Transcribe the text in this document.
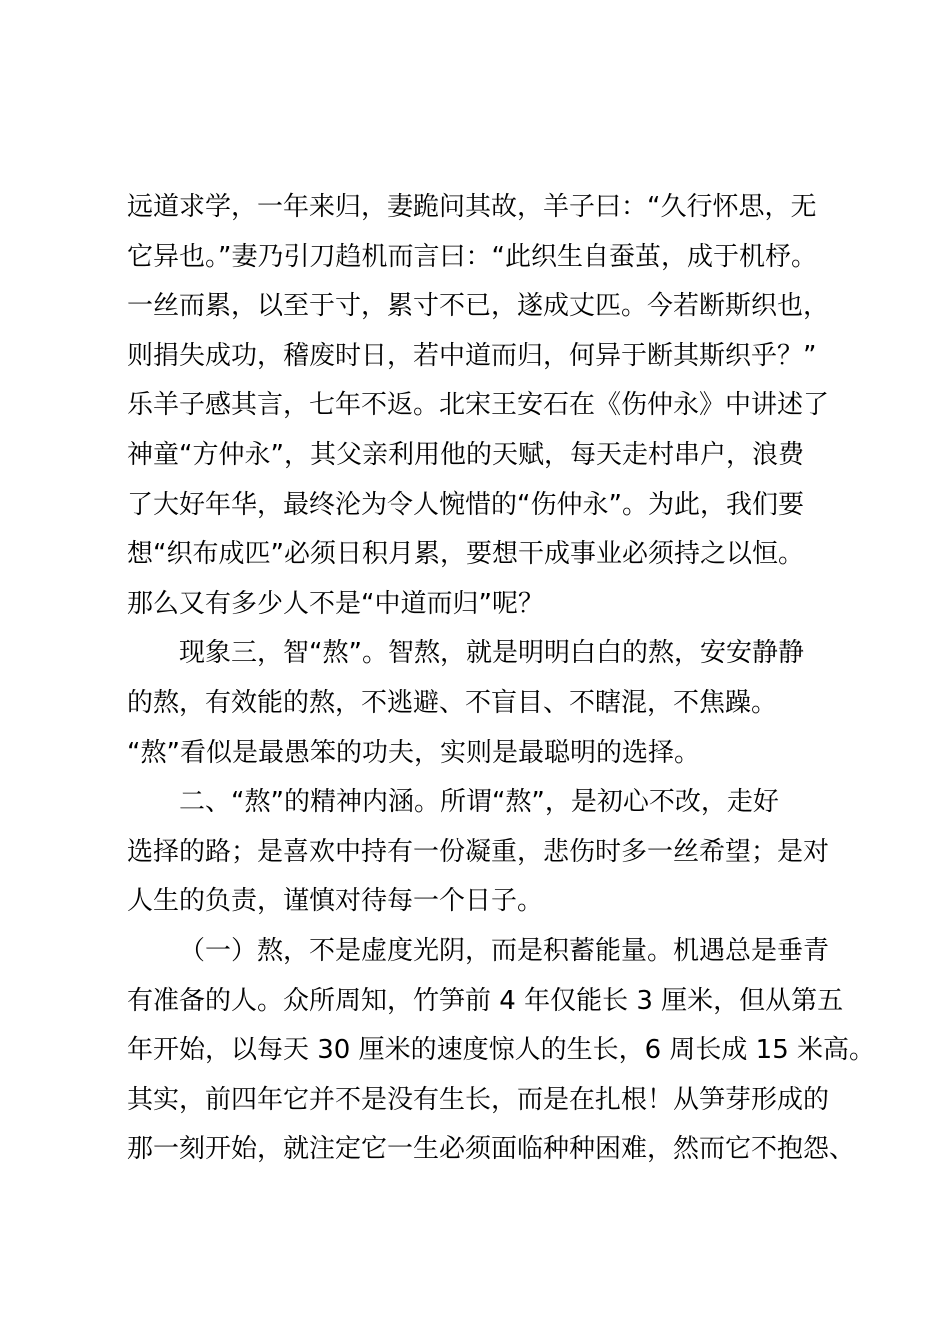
远道求学，一年来归，妻跪问其故，羊子曰：“久行怀思，无
它异也。”妻乃引刀趋机而言曰：“此织生自蚕茧，成于机杼。
一丝而累，以至于寸，累寸不已，遂成丈匹。今若断斯织也，
则捐失成功，稽废时日，若中道而归，何异于断其斯织乎？”
乐羊子感其言，七年不返。北宋王安石在《伤仲永》中讲述了
神童“方仲永”，其父亲利用他的天赋，每天走村串户，浪费
了大好年华，最终沦为令人惋惜的“伤仲永”。为此，我们要
想“织布成匹”必须日积月累，要想干成事业必须持之以恒。
那么又有多少人不是“中道而归”呢？
现象三，智“熬”。智熬，就是明明白白的熬，安安静静
的熬，有效能的熬，不逃避、不盲目、不瞎混，不焦躁。
“熬”看似是最愚笨的功夫，实则是最聪明的选择。
二、“熬”的精神内涵。所谓“熬”，是初心不改，走好
选择的路；是喜欢中持有一份凝重，悲伤时多一丝希望；是对
人生的负责，谨慎对待每一个日子。
（一）熬，不是虚度光阴，而是积蓄能量。机遇总是垂青
有准备的人。众所周知，竹笋前 4 年仅能长 3 厘米，但从第五
年开始，以每天 30 厘米的速度惊人的生长，6 周长成 15 米高。
其实，前四年它并不是没有生长，而是在扎根！从笋芽形成的
那一刻开始，就注定它一生必须面临种种困难，然而它不抱怨、
